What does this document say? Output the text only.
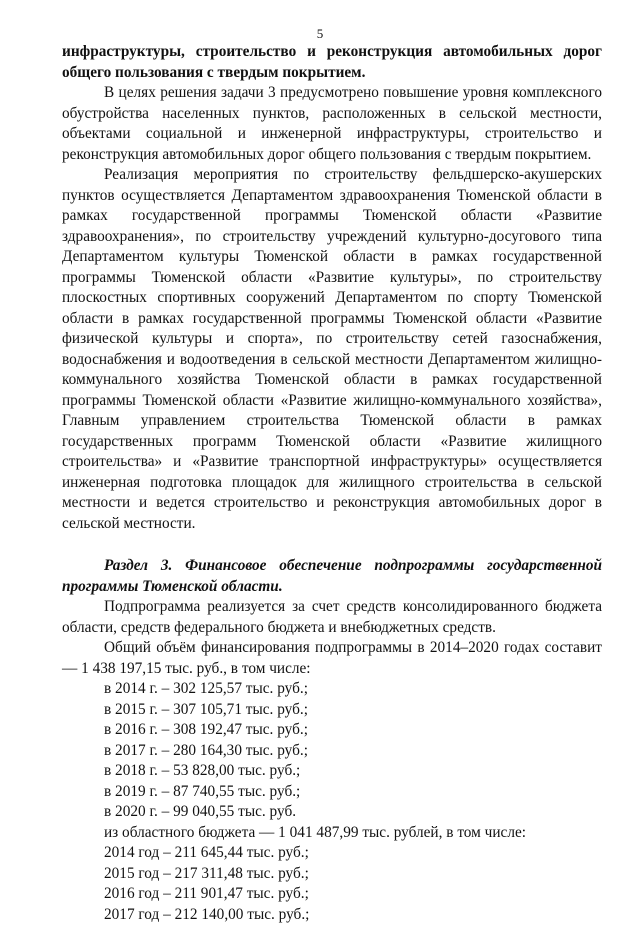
5

инфраструктуры, строительство и реконструкция автомобильных дорог общего пользования с твердым покрытием.

В целях решения задачи 3 предусмотрено повышение уровня комплексного обустройства населенных пунктов, расположенных в сельской местности, объектами социальной и инженерной инфраструктуры, строительство и реконструкция автомобильных дорог общего пользования с твердым покрытием.

Реализация мероприятия по строительству фельдшерско-акушерских пунктов осуществляется Департаментом здравоохранения Тюменской области в рамках государственной программы Тюменской области «Развитие здравоохранения», по строительству учреждений культурно-досугового типа Департаментом культуры Тюменской области в рамках государственной программы Тюменской области «Развитие культуры», по строительству плоскостных спортивных сооружений Департаментом по спорту Тюменской области в рамках государственной программы Тюменской области «Развитие физической культуры и спорта», по строительству сетей газоснабжения, водоснабжения и водоотведения в сельской местности Департаментом жилищно-коммунального хозяйства Тюменской области в рамках государственной программы Тюменской области «Развитие жилищно-коммунального хозяйства», Главным управлением строительства Тюменской области в рамках государственных программ Тюменской области «Развитие жилищного строительства» и «Развитие транспортной инфраструктуры» осуществляется инженерная подготовка площадок для жилищного строительства в сельской местности и ведется строительство и реконструкция автомобильных дорог в сельской местности.

Раздел 3. Финансовое обеспечение подпрограммы государственной программы Тюменской области.

Подпрограмма реализуется за счет средств консолидированного бюджета области, средств федерального бюджета и внебюджетных средств.

Общий объём финансирования подпрограммы в 2014–2020 годах составит — 1 438 197,15 тыс. руб., в том числе:

в 2014 г. – 302 125,57 тыс. руб.;
в 2015 г. – 307 105,71 тыс. руб.;
в 2016 г. – 308 192,47 тыс. руб.;
в 2017 г. – 280 164,30 тыс. руб.;
в 2018 г. – 53 828,00 тыс. руб.;
в 2019 г. – 87 740,55 тыс. руб.;
в 2020 г. – 99 040,55 тыс. руб.
из областного бюджета — 1 041 487,99 тыс. рублей, в том числе:
2014 год – 211 645,44 тыс. руб.;
2015 год – 217 311,48 тыс. руб.;
2016 год – 211 901,47 тыс. руб.;
2017 год – 212 140,00 тыс. руб.;
